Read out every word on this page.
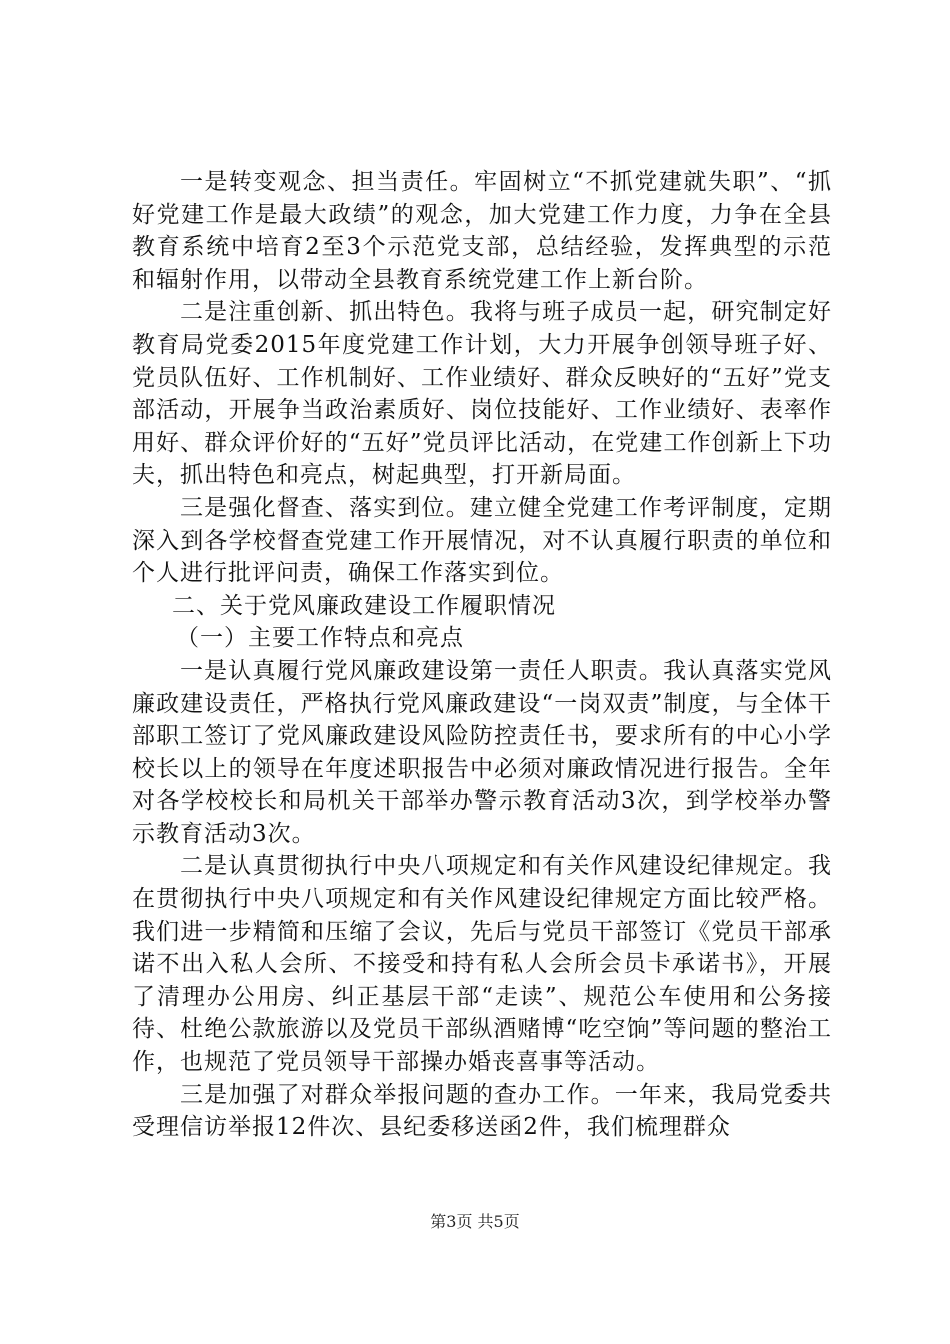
一是转变观念、担当责任。牢固树立“不抓党建就失职”、“抓好党建工作是最大政绩”的观念，加大党建工作力度，力争在全县教育系统中培育2至3个示范党支部，总结经验，发挥典型的示范和辐射作用，以带动全县教育系统党建工作上新台阶。

二是注重创新、抓出特色。我将与班子成员一起，研究制定好教育局党委2015年度党建工作计划，大力开展争创领导班子好、党员队伍好、工作机制好、工作业绩好、群众反映好的“五好”党支部活动，开展争当政治素质好、岗位技能好、工作业绩好、表率作用好、群众评价好的“五好”党员评比活动，在党建工作创新上下功夫，抓出特色和亮点，树起典型，打开新局面。

三是强化督查、落实到位。建立健全党建工作考评制度，定期深入到各学校督查党建工作开展情况，对不认真履行职责的单位和个人进行批评问责，确保工作落实到位。

二、关于党风廉政建设工作履职情况

（一）主要工作特点和亮点

一是认真履行党风廉政建设第一责任人职责。我认真落实党风廉政建设责任，严格执行党风廉政建设“一岗双责”制度，与全体干部职工签订了党风廉政建设风险防控责任书，要求所有的中心小学校长以上的领导在年度述职报告中必须对廉政情况进行报告。全年对各学校校长和局机关干部举办警示教育活动3次，到学校举办警示教育活动3次。

二是认真贯彻执行中央八项规定和有关作风建设纪律规定。我在贯彻执行中央八项规定和有关作风建设纪律规定方面比较严格。我们进一步精简和压缩了会议，先后与党员干部签订《党员干部承诺不出入私人会所、不接受和持有私人会所会员卡承诺书》，开展了清理办公用房、纠正基层干部“走读”、规范公车使用和公务接待、杜绝公款旅游以及党员干部纵酒赌博“吃空饷”等问题的整治工作，也规范了党员领导干部操办婚丧喜事等活动。

三是加强了对群众举报问题的查办工作。一年来，我局党委共受理信访举报12件次、县纪委移送函2件，我们梳理群众

第3页 共5页
